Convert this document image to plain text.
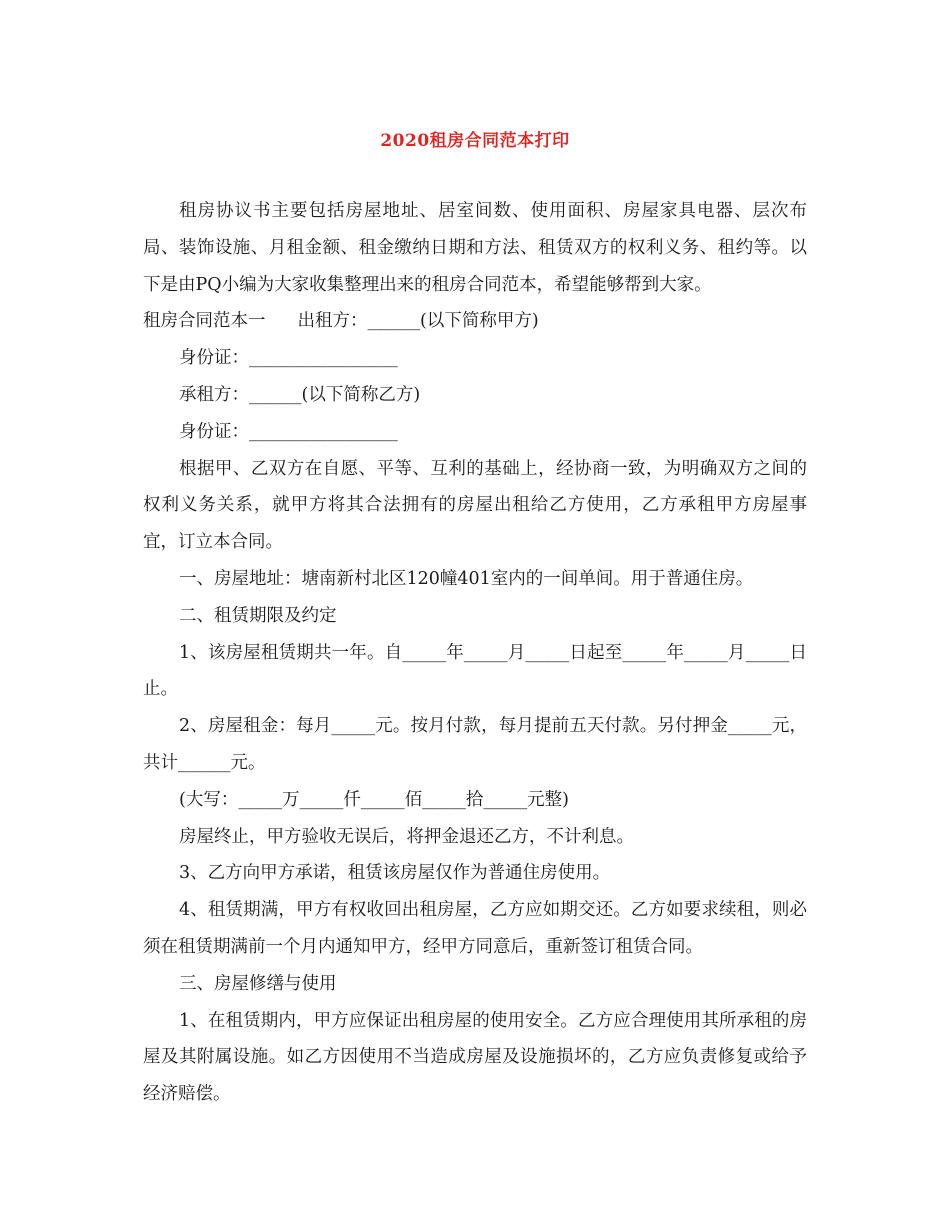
2020租房合同范本打印

租房协议书主要包括房屋地址、居室间数、使用面积、房屋家具电器、层次布局、装饰设施、月租金额、租金缴纳日期和方法、租赁双方的权利义务、租约等。以下是由PQ小编为大家收集整理出来的租房合同范本，希望能够帮到大家。

租房合同范本一 出租方：______(以下简称甲方)

身份证：_________________

承租方：______(以下简称乙方)

身份证：_________________

根据甲、乙双方在自愿、平等、互利的基础上，经协商一致，为明确双方之间的权利义务关系，就甲方将其合法拥有的房屋出租给乙方使用，乙方承租甲方房屋事宜，订立本合同。

一、房屋地址：塘南新村北区120幢401室内的一间单间。用于普通住房。

二、租赁期限及约定

1、该房屋租赁期共一年。自_____年_____月_____日起至_____年_____月_____日止。

2、房屋租金：每月_____元。按月付款，每月提前五天付款。另付押金_____元，共计______元。

(大写：_____万_____仟_____佰_____拾_____元整)

房屋终止，甲方验收无误后，将押金退还乙方，不计利息。

3、乙方向甲方承诺，租赁该房屋仅作为普通住房使用。

4、租赁期满，甲方有权收回出租房屋，乙方应如期交还。乙方如要求续租，则必须在租赁期满前一个月内通知甲方，经甲方同意后，重新签订租赁合同。

三、房屋修缮与使用

1、在租赁期内，甲方应保证出租房屋的使用安全。乙方应合理使用其所承租的房屋及其附属设施。如乙方因使用不当造成房屋及设施损坏的，乙方应负责修复或给予经济赔偿。
